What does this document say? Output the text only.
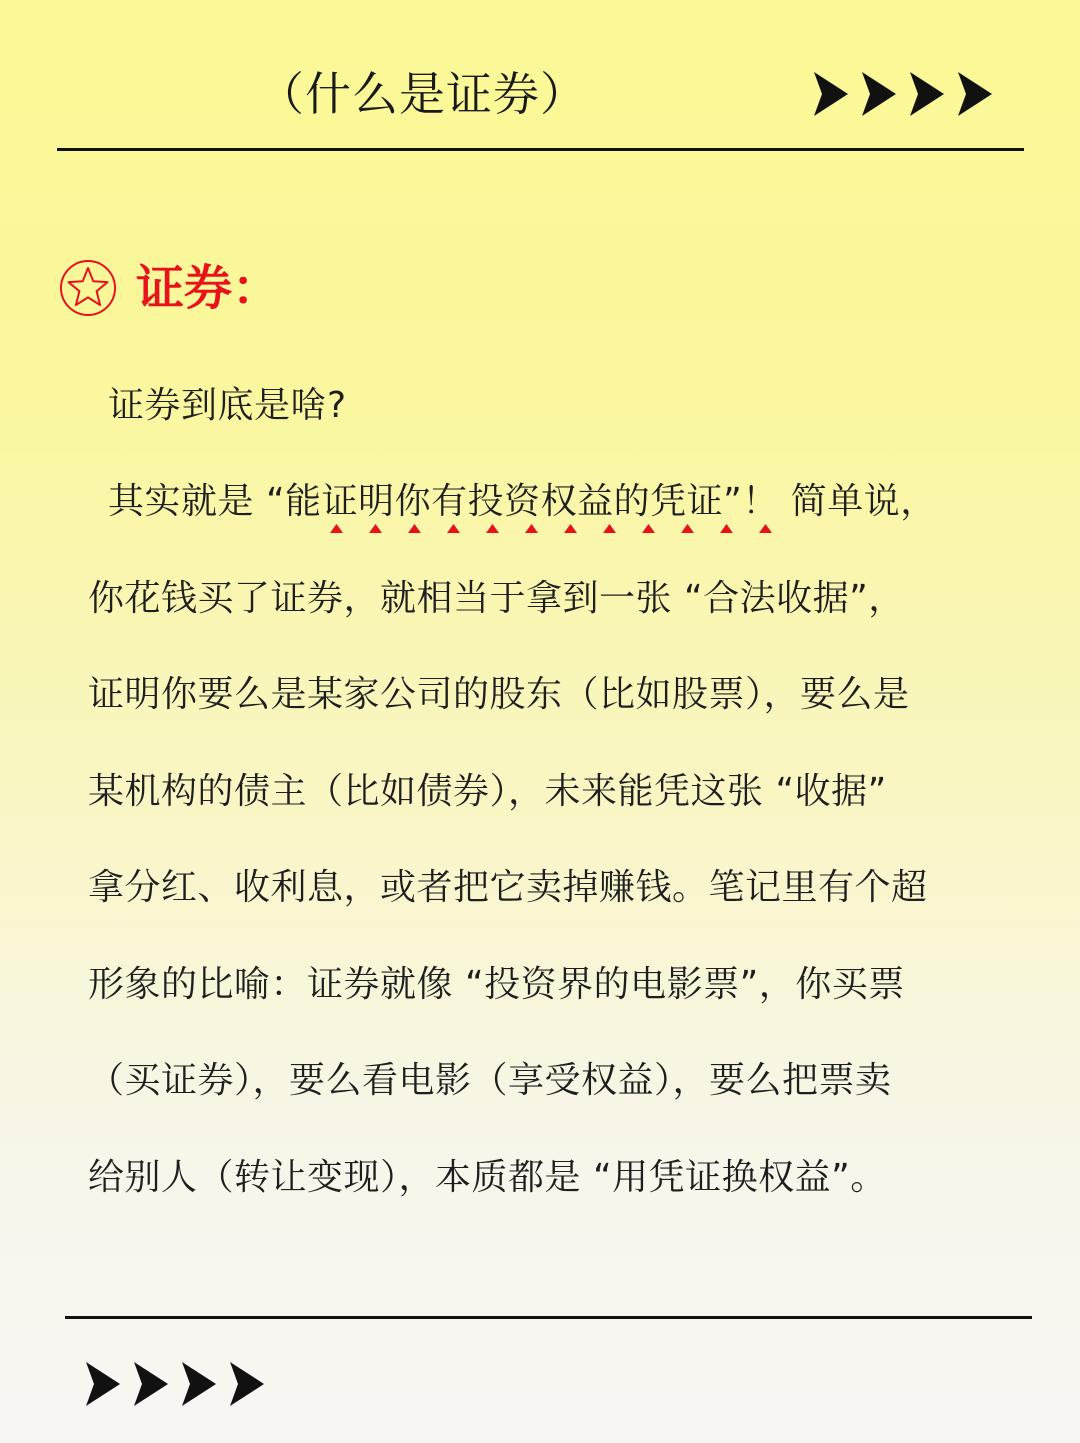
（什么是证券）
证券：
证券到底是啥?
其实就是 “能证明你有投资权益的凭证”！ 简单说，
你花钱买了证券，就相当于拿到一张 “合法收据”，
证明你要么是某家公司的股东（比如股票），要么是
某机构的债主（比如债券），未来能凭这张 “收据”
拿分红、收利息，或者把它卖掉赚钱。笔记里有个超
形象的比喻：证券就像 “投资界的电影票”，你买票
（买证券），要么看电影（享受权益），要么把票卖
给别人（转让变现），本质都是 “用凭证换权益”。
